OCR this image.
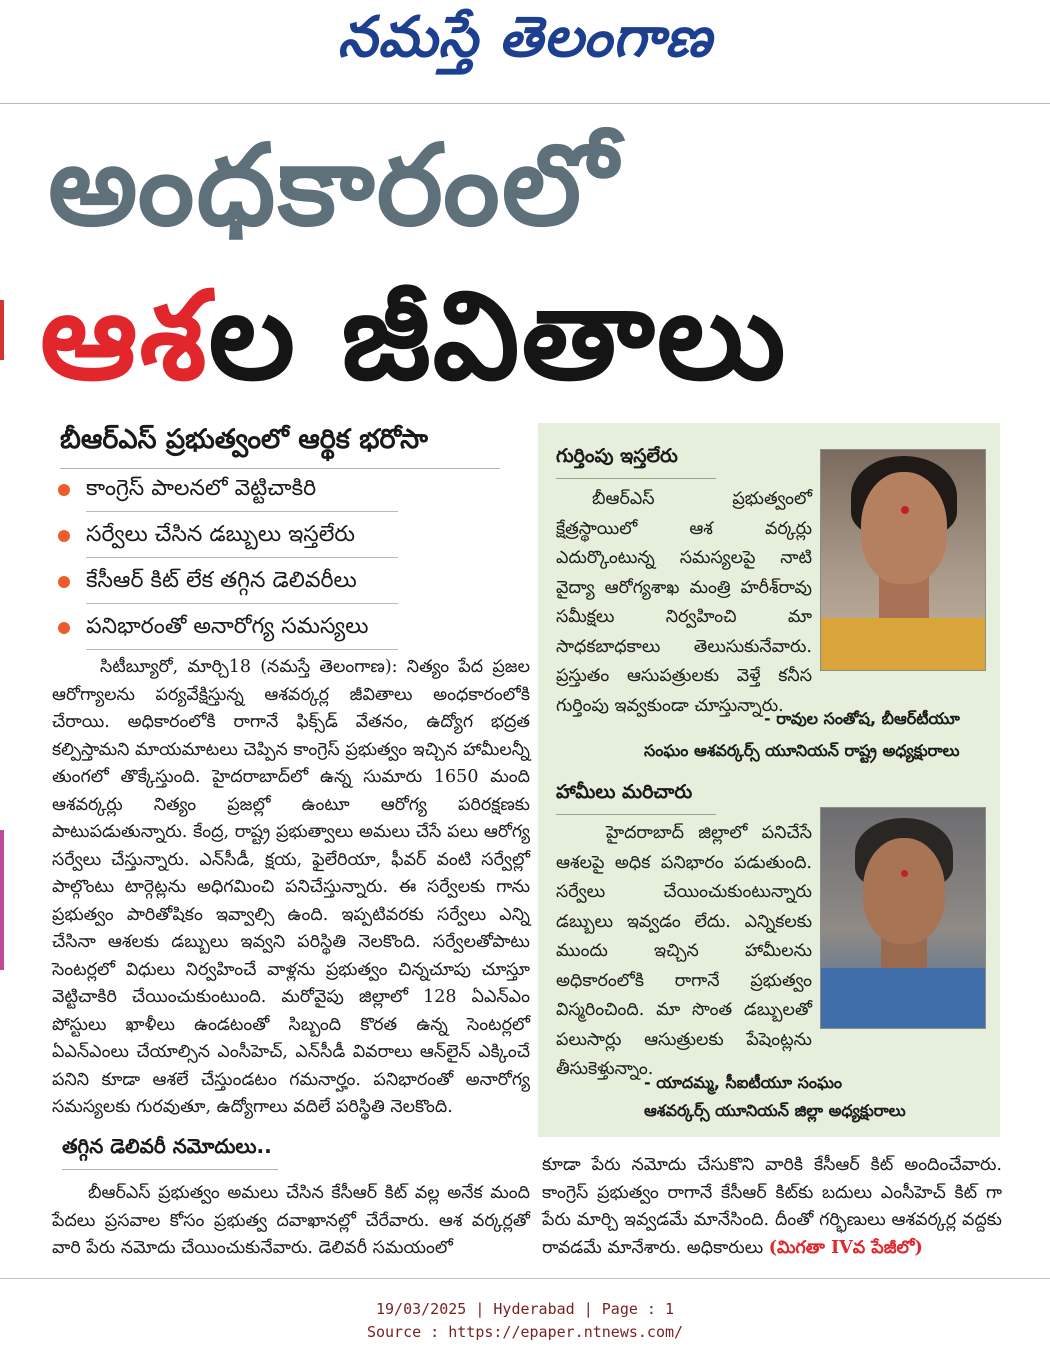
నమస్తే తెలంగాణ
అంధకారంలో
ఆశల జీవితాలు
బీఆర్‌ఎస్ ప్రభుత్వంలో ఆర్థిక భరోసా
కాంగ్రెస్ పాలనలో వెట్టిచాకిరి
సర్వేలు చేసిన డబ్బులు ఇస్తలేరు
కేసీఆర్ కిట్ లేక తగ్గిన డెలివరీలు
పనిభారంతో అనారోగ్య సమస్యలు

సిటీబ్యూరో, మార్చి18 (నమస్తే తెలంగాణ): నిత్యం పేద ప్రజల ఆరోగ్యాలను పర్యవేక్షిస్తున్న ఆశవర్కర్ల జీవితాలు అంధకారంలోకి చేరాయి. అధికారంలోకి రాగానే ఫిక్స్‌డ్ వేతనం, ఉద్యోగ భద్రత కల్పిస్తామని మాయమాటలు చెప్పిన కాంగ్రెస్ ప్రభుత్వం ఇచ్చిన హామీలన్నీ తుంగలో తొక్కేస్తుంది. హైదరాబాద్‌లో ఉన్న సుమారు 1650 మంది ఆశవర్కర్లు నిత్యం ప్రజల్లో ఉంటూ ఆరోగ్య పరిరక్షణకు పాటుపడుతున్నారు. కేంద్ర, రాష్ట్ర ప్రభుత్వాలు అమలు చేసే పలు ఆరోగ్య సర్వేలు చేస్తున్నారు. ఎన్‌సీడీ, క్షయ, ఫైలేరియా, ఫీవర్ వంటి సర్వేల్లో పాల్గొంటు టార్గెట్లను అధిగమించి పనిచేస్తున్నారు. ఈ సర్వేలకు గాను ప్రభుత్వం పారితోషికం ఇవ్వాల్సి ఉంది. ఇప్పటివరకు సర్వేలు ఎన్ని చేసినా ఆశలకు డబ్బులు ఇవ్వని పరిస్థితి నెలకొంది. సర్వేలతోపాటు సెంటర్లలో విధులు నిర్వహించే వాళ్లను ప్రభుత్వం చిన్నచూపు చూస్తూ వెట్టిచాకిరి చేయించుకుంటుంది. మరోవైపు జిల్లాలో 128 ఏఎన్‌ఎం పోస్టులు ఖాళీలు ఉండటంతో సిబ్బంది కొరత ఉన్న సెంటర్లలో ఏఎన్‌ఎంలు చేయాల్సిన ఎంసీహెచ్, ఎన్‌సీడీ వివరాలు ఆన్‌లైన్ ఎక్కించే పనిని కూడా ఆశలే చేస్తుండటం గమనార్హం. పనిభారంతో అనారోగ్య సమస్యలకు గురవుతూ, ఉద్యోగాలు వదిలే పరిస్థితి నెలకొంది.

తగ్గిన డెలివరీ నమోదులు..

బీఆర్‌ఎస్ ప్రభుత్వం అమలు చేసిన కేసీఆర్ కిట్ వల్ల అనేక మంది పేదలు ప్రసవాల కోసం ప్రభుత్వ దవాఖానల్లో చేరేవారు. ఆశ వర్కర్లతో వారి పేరు నమోదు చేయించుకునేవారు. డెలివరీ సమయంలో

గుర్తింపు ఇస్తలేరు

బీఆర్‌ఎస్ ప్రభుత్వంలో క్షేత్రస్థాయిలో ఆశ వర్కర్లు ఎదుర్కొంటున్న సమస్యలపై నాటి వైద్యా ఆరోగ్యశాఖ మంత్రి హరీశ్‌రావు సమీక్షలు నిర్వహించి మా సాధకబాధకాలు తెలుసుకునేవారు. ప్రస్తుతం ఆసుపత్రులకు వెళ్తే కనీస గుర్తింపు ఇవ్వకుండా చూస్తున్నారు.

- రావుల సంతోష, బీఆర్‌టీయూ
సంఘం ఆశవర్కర్స్ యూనియన్ రాష్ట్ర అధ్యక్షురాలు
హామీలు మరిచారు

హైదరాబాద్ జిల్లాలో పనిచేసే ఆశలపై అధిక పనిభారం పడుతుంది. సర్వేలు చేయించుకుంటున్నారు డబ్బులు ఇవ్వడం లేదు. ఎన్నికలకు ముందు ఇచ్చిన హామీలను అధికారంలోకి రాగానే ప్రభుత్వం విస్మరించింది. మా సొంత డబ్బులతో పలుసార్లు ఆసుత్రులకు పేషెంట్లను తీసుకెళ్తున్నాం.

- యాదమ్మ, సీఐటీయూ సంఘం
ఆశవర్కర్స్ యూనియన్ జిల్లా అధ్యక్షురాలు

కూడా పేరు నమోదు చేసుకొని వారికి కేసీఆర్ కిట్ అందించేవారు. కాంగ్రెస్ ప్రభుత్వం రాగానే కేసీఆర్ కిట్‌కు బదులు ఎంసీహెచ్ కిట్ గా పేరు మార్చి ఇవ్వడమే మానేసింది. దీంతో గర్భిణులు ఆశవర్కర్ల వద్దకు రావడమే మానేశారు. అధికారులు (మిగతా IVవ పేజీలో)

19/03/2025 | Hyderabad | Page : 1
Source : https://epaper.ntnews.com/
